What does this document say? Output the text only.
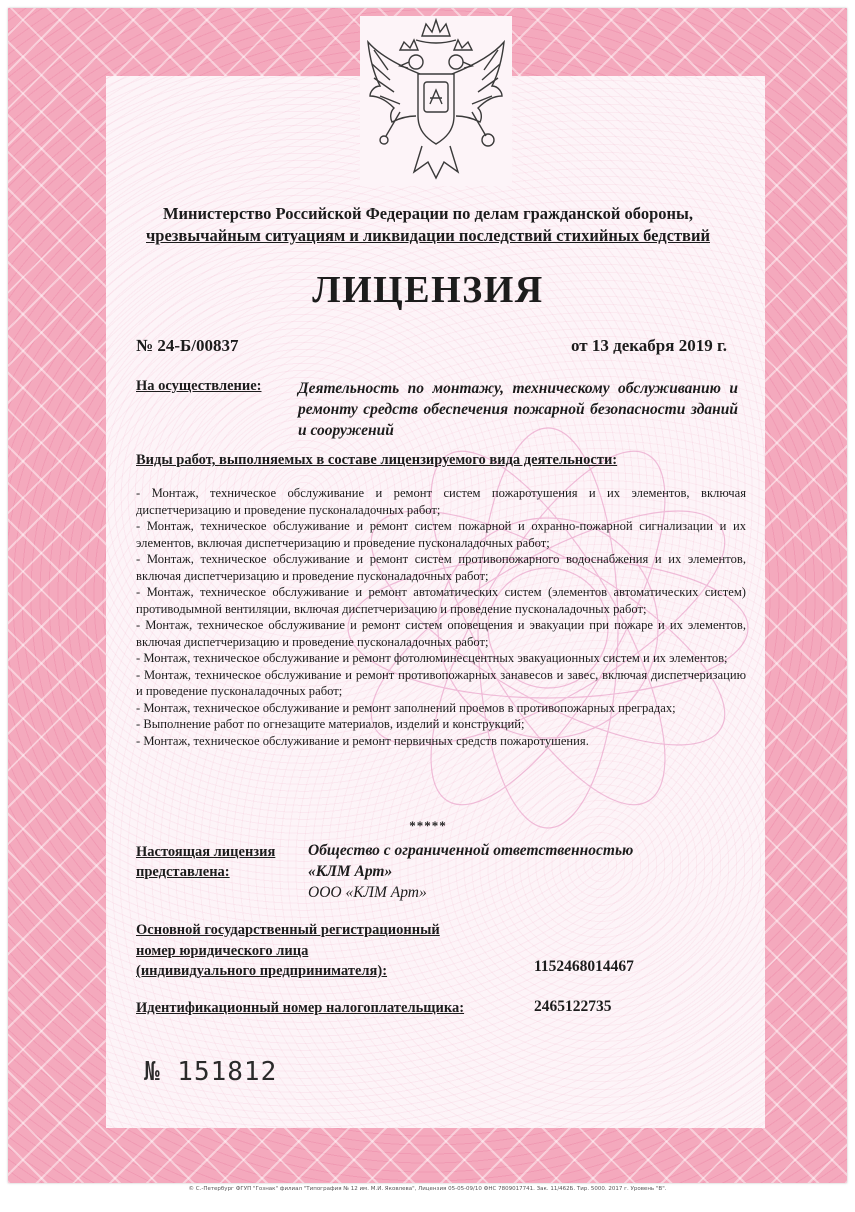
Министерство Российской Федерации по делам гражданской обороны,
чрезвычайным ситуациям и ликвидации последствий стихийных бедствий
ЛИЦЕНЗИЯ
№ 24-Б/00837	от 13 декабря 2019 г.
На осуществление: Деятельность по монтажу, техническому обслуживанию и ремонту средств обеспечения пожарной безопасности зданий и сооружений
Виды работ, выполняемых в составе лицензируемого вида деятельности:
- Монтаж, техническое обслуживание и ремонт систем пожаротушения и их элементов, включая диспетчеризацию и проведение пусконаладочных работ;
- Монтаж, техническое обслуживание и ремонт систем пожарной и охранно-пожарной сигнализации и их элементов, включая диспетчеризацию и проведение пусконаладочных работ;
- Монтаж, техническое обслуживание и ремонт систем противопожарного водоснабжения и их элементов, включая диспетчеризацию и проведение пусконаладочных работ;
- Монтаж, техническое обслуживание и ремонт автоматических систем (элементов автоматических систем) противодымной вентиляции, включая диспетчеризацию и проведение пусконаладочных работ;
- Монтаж, техническое обслуживание и ремонт систем оповещения и эвакуации при пожаре и их элементов, включая диспетчеризацию и проведение пусконаладочных работ;
- Монтаж, техническое обслуживание и ремонт фотолюминесцентных эвакуационных систем и их элементов;
- Монтаж, техническое обслуживание и ремонт противопожарных занавесов и завес, включая диспетчеризацию и проведение пусконаладочных работ;
- Монтаж, техническое обслуживание и ремонт заполнений проемов в противопожарных преградах;
- Выполнение работ по огнезащите материалов, изделий и конструкций;
- Монтаж, техническое обслуживание и ремонт первичных средств пожаротушения.
*****
Настоящая лицензия
представлена:
Общество с ограниченной ответственностью
«КЛМ Арт»
ООО «КЛМ Арт»
Основной государственный регистрационный
номер юридического лица
(индивидуального предпринимателя):	1152468014467
Идентификационный номер налогоплательщика:	2465122735
№ 151812
© С.-Петербург ФГУП "Гознак" филиал "Типография № 12 им. М.И. Яковлева", Лицензия 05-05-09/10 ФНС 7809017741. Зак. 11/462Б. Тир. 5000. 2017 г. Уровень "В".
